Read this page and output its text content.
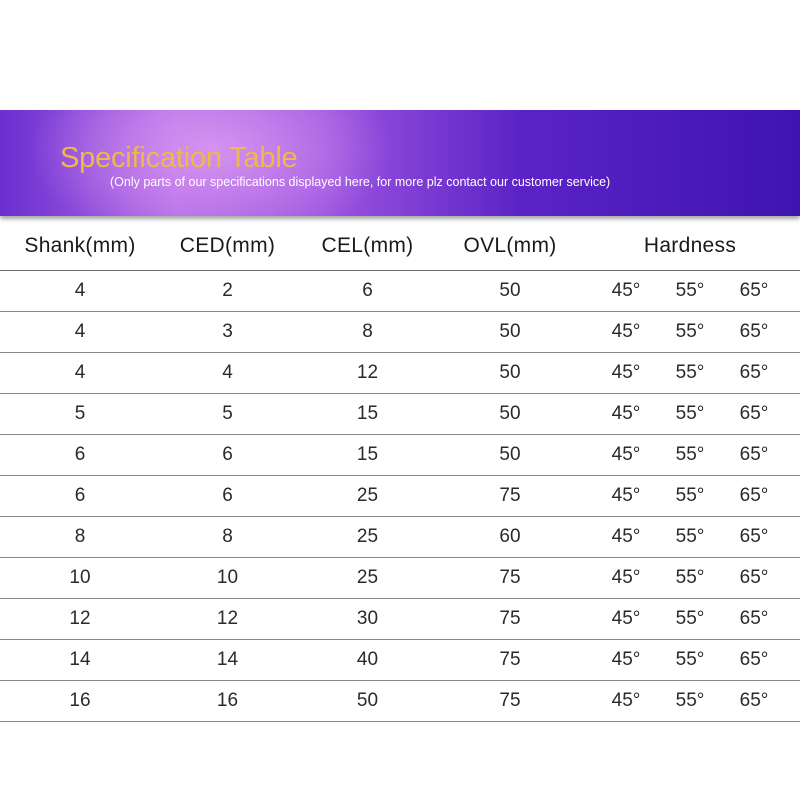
Specification Table
(Only parts of our specifications displayed here, for more plz contact our customer service)
Shank(mm)	CED(mm)	CEL(mm)	OVL(mm)	Hardness
4	2	6	50	45° 55° 65°
4	3	8	50	45° 55° 65°
4	4	12	50	45° 55° 65°
5	5	15	50	45° 55° 65°
6	6	15	50	45° 55° 65°
6	6	25	75	45° 55° 65°
8	8	25	60	45° 55° 65°
10	10	25	75	45° 55° 65°
12	12	30	75	45° 55° 65°
14	14	40	75	45° 55° 65°
16	16	50	75	45° 55° 65°
